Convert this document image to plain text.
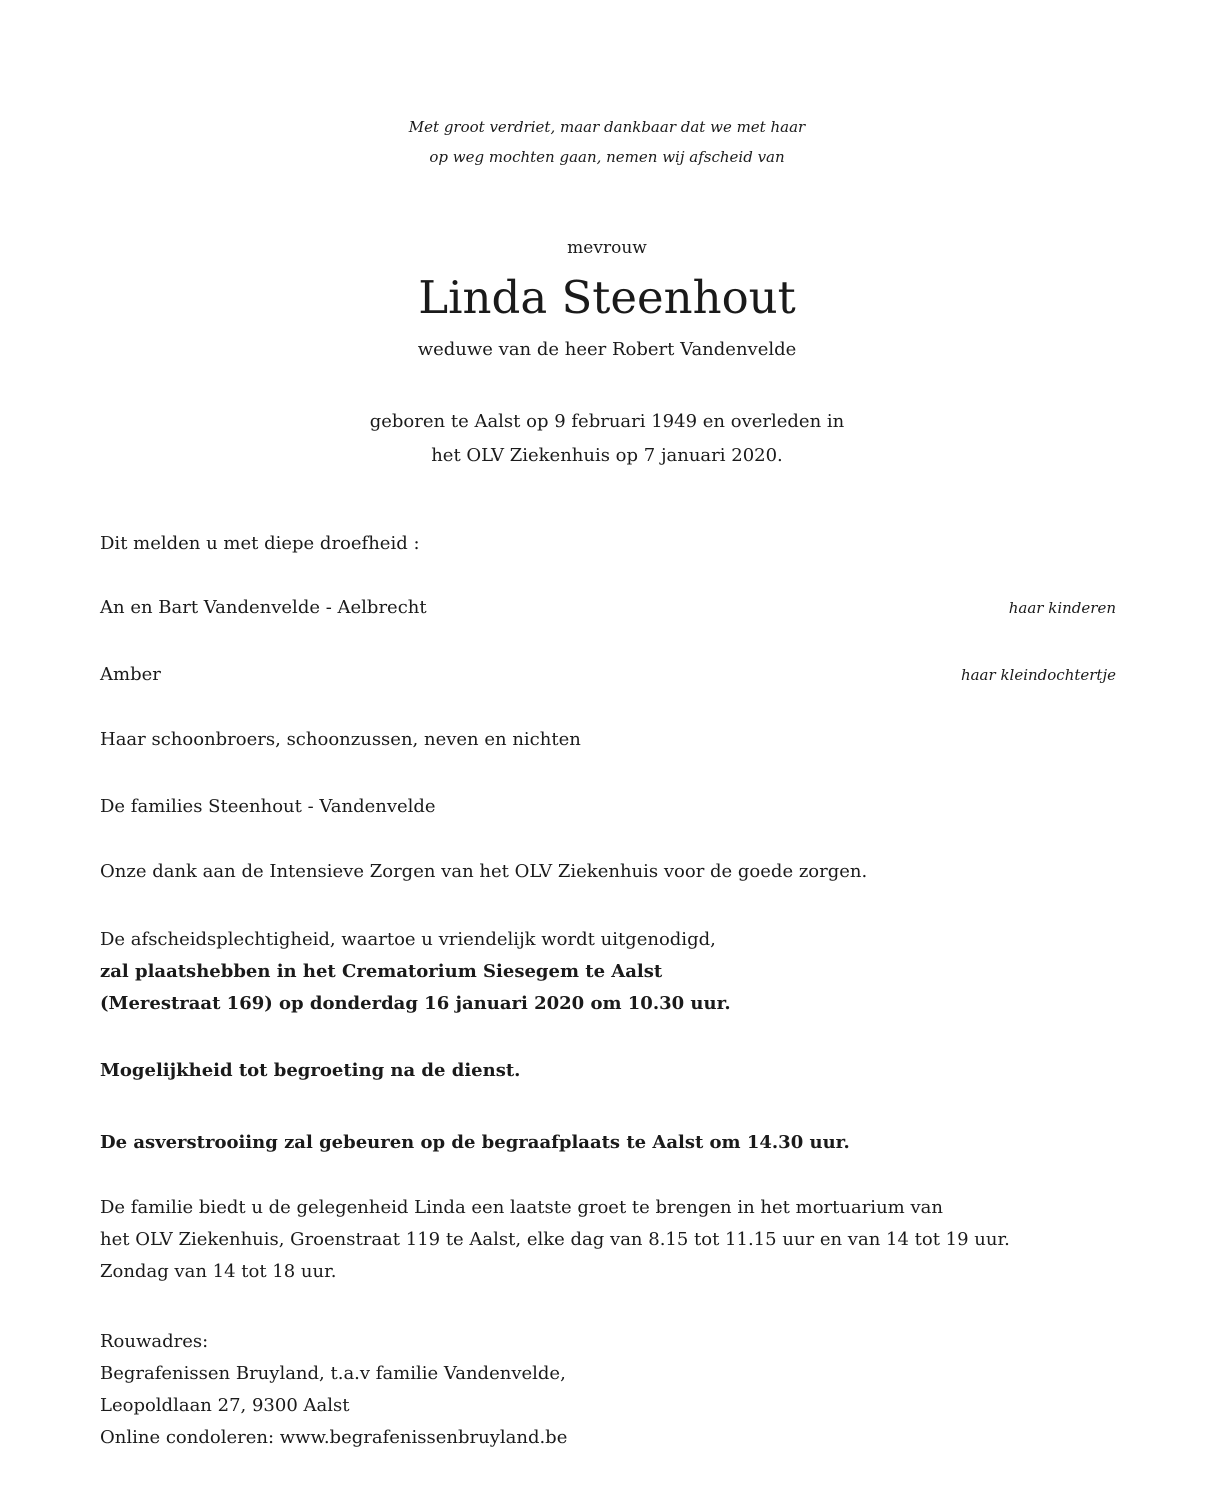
Met groot verdriet, maar dankbaar dat we met haar
op weg mochten gaan, nemen wij afscheid van
mevrouw
Linda Steenhout
weduwe van de heer Robert Vandenvelde
geboren te Aalst op 9 februari 1949 en overleden in
het OLV Ziekenhuis op 7 januari 2020.
Dit melden u met diepe droefheid :
An en Bart Vandenvelde - Aelbrecht	haar kinderen
Amber	haar kleindochtertje
Haar schoonbroers, schoonzussen, neven en nichten
De families Steenhout - Vandenvelde
Onze dank aan de Intensieve Zorgen van het OLV Ziekenhuis voor de goede zorgen.
De afscheidsplechtigheid, waartoe u vriendelijk wordt uitgenodigd,
zal plaatshebben in het Crematorium Siesegem te Aalst
(Merestraat 169) op donderdag 16 januari 2020 om 10.30 uur.
Mogelijkheid tot begroeting na de dienst.
De asverstrooiing zal gebeuren op de begraafplaats te Aalst om 14.30 uur.
De familie biedt u de gelegenheid Linda een laatste groet te brengen in het mortuarium van
het OLV Ziekenhuis, Groenstraat 119 te Aalst, elke dag van 8.15 tot 11.15 uur en van 14 tot 19 uur.
Zondag van 14 tot 18 uur.
Rouwadres:
Begrafenissen Bruyland, t.a.v familie Vandenvelde,
Leopoldlaan 27, 9300 Aalst
Online condoleren: www.begrafenissenbruyland.be
